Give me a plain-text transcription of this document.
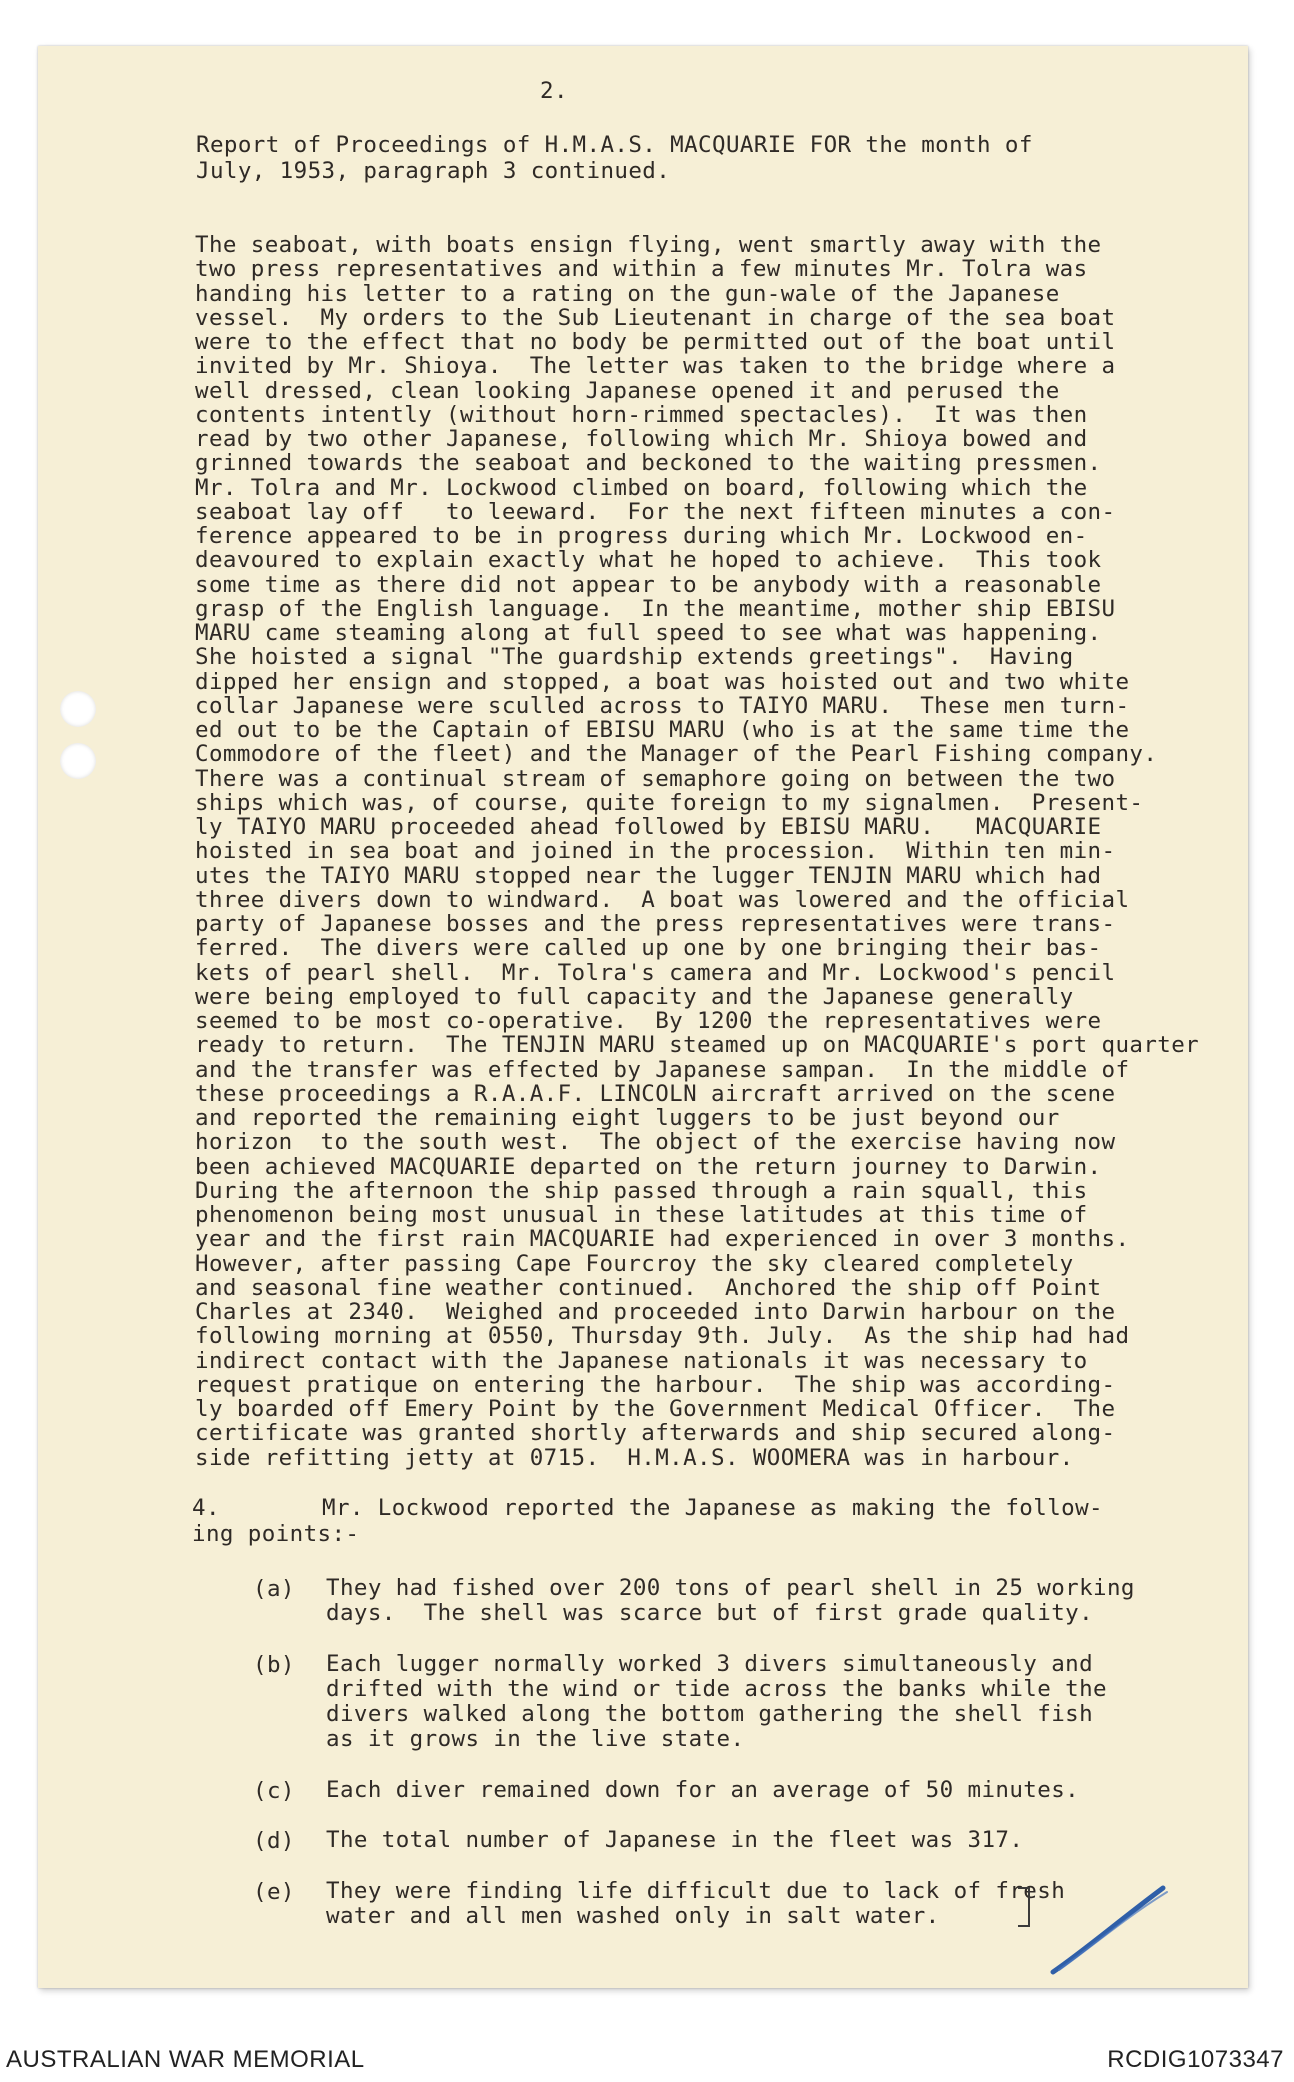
2.
Report of Proceedings of H.M.A.S. MACQUARIE FOR the month of
July, 1953, paragraph 3 continued.
The seaboat, with boats ensign flying, went smartly away with the
two press representatives and within a few minutes Mr. Tolra was
handing his letter to a rating on the gun-wale of the Japanese
vessel.  My orders to the Sub Lieutenant in charge of the sea boat
were to the effect that no body be permitted out of the boat until
invited by Mr. Shioya.  The letter was taken to the bridge where a
well dressed, clean looking Japanese opened it and perused the
contents intently (without horn-rimmed spectacles).  It was then
read by two other Japanese, following which Mr. Shioya bowed and
grinned towards the seaboat and beckoned to the waiting pressmen.
Mr. Tolra and Mr. Lockwood climbed on board, following which the
seaboat lay off   to leeward.  For the next fifteen minutes a con-
ference appeared to be in progress during which Mr. Lockwood en-
deavoured to explain exactly what he hoped to achieve.  This took
some time as there did not appear to be anybody with a reasonable
grasp of the English language.  In the meantime, mother ship EBISU
MARU came steaming along at full speed to see what was happening.
She hoisted a signal "The guardship extends greetings".  Having
dipped her ensign and stopped, a boat was hoisted out and two white
collar Japanese were sculled across to TAIYO MARU.  These men turn-
ed out to be the Captain of EBISU MARU (who is at the same time the
Commodore of the fleet) and the Manager of the Pearl Fishing company.
There was a continual stream of semaphore going on between the two
ships which was, of course, quite foreign to my signalmen.  Present-
ly TAIYO MARU proceeded ahead followed by EBISU MARU.   MACQUARIE
hoisted in sea boat and joined in the procession.  Within ten min-
utes the TAIYO MARU stopped near the lugger TENJIN MARU which had
three divers down to windward.  A boat was lowered and the official
party of Japanese bosses and the press representatives were trans-
ferred.  The divers were called up one by one bringing their bas-
kets of pearl shell.  Mr. Tolra's camera and Mr. Lockwood's pencil
were being employed to full capacity and the Japanese generally
seemed to be most co-operative.  By 1200 the representatives were
ready to return.  The TENJIN MARU steamed up on MACQUARIE's port quarter
and the transfer was effected by Japanese sampan.  In the middle of
these proceedings a R.A.A.F. LINCOLN aircraft arrived on the scene
and reported the remaining eight luggers to be just beyond our
horizon  to the south west.  The object of the exercise having now
been achieved MACQUARIE departed on the return journey to Darwin.
During the afternoon the ship passed through a rain squall, this
phenomenon being most unusual in these latitudes at this time of
year and the first rain MACQUARIE had experienced in over 3 months.
However, after passing Cape Fourcroy the sky cleared completely
and seasonal fine weather continued.  Anchored the ship off Point
Charles at 2340.  Weighed and proceeded into Darwin harbour on the
following morning at 0550, Thursday 9th. July.  As the ship had had
indirect contact with the Japanese nationals it was necessary to
request pratique on entering the harbour.  The ship was according-
ly boarded off Emery Point by the Government Medical Officer.  The
certificate was granted shortly afterwards and ship secured along-
side refitting jetty at 0715.  H.M.A.S. WOOMERA was in harbour.
4.	Mr. Lockwood reported the Japanese as making the follow-
ing points:-
(a) They had fished over 200 tons of pearl shell in 25 working
days.  The shell was scarce but of first grade quality.
(b) Each lugger normally worked 3 divers simultaneously and
drifted with the wind or tide across the banks while the
divers walked along the bottom gathering the shell fish
as it grows in the live state.
(c) Each diver remained down for an average of 50 minutes.
(d) The total number of Japanese in the fleet was 317.
(e) They were finding life difficult due to lack of fresh
water and all men washed only in salt water.
AUSTRALIAN WAR MEMORIAL	RCDIG1073347
